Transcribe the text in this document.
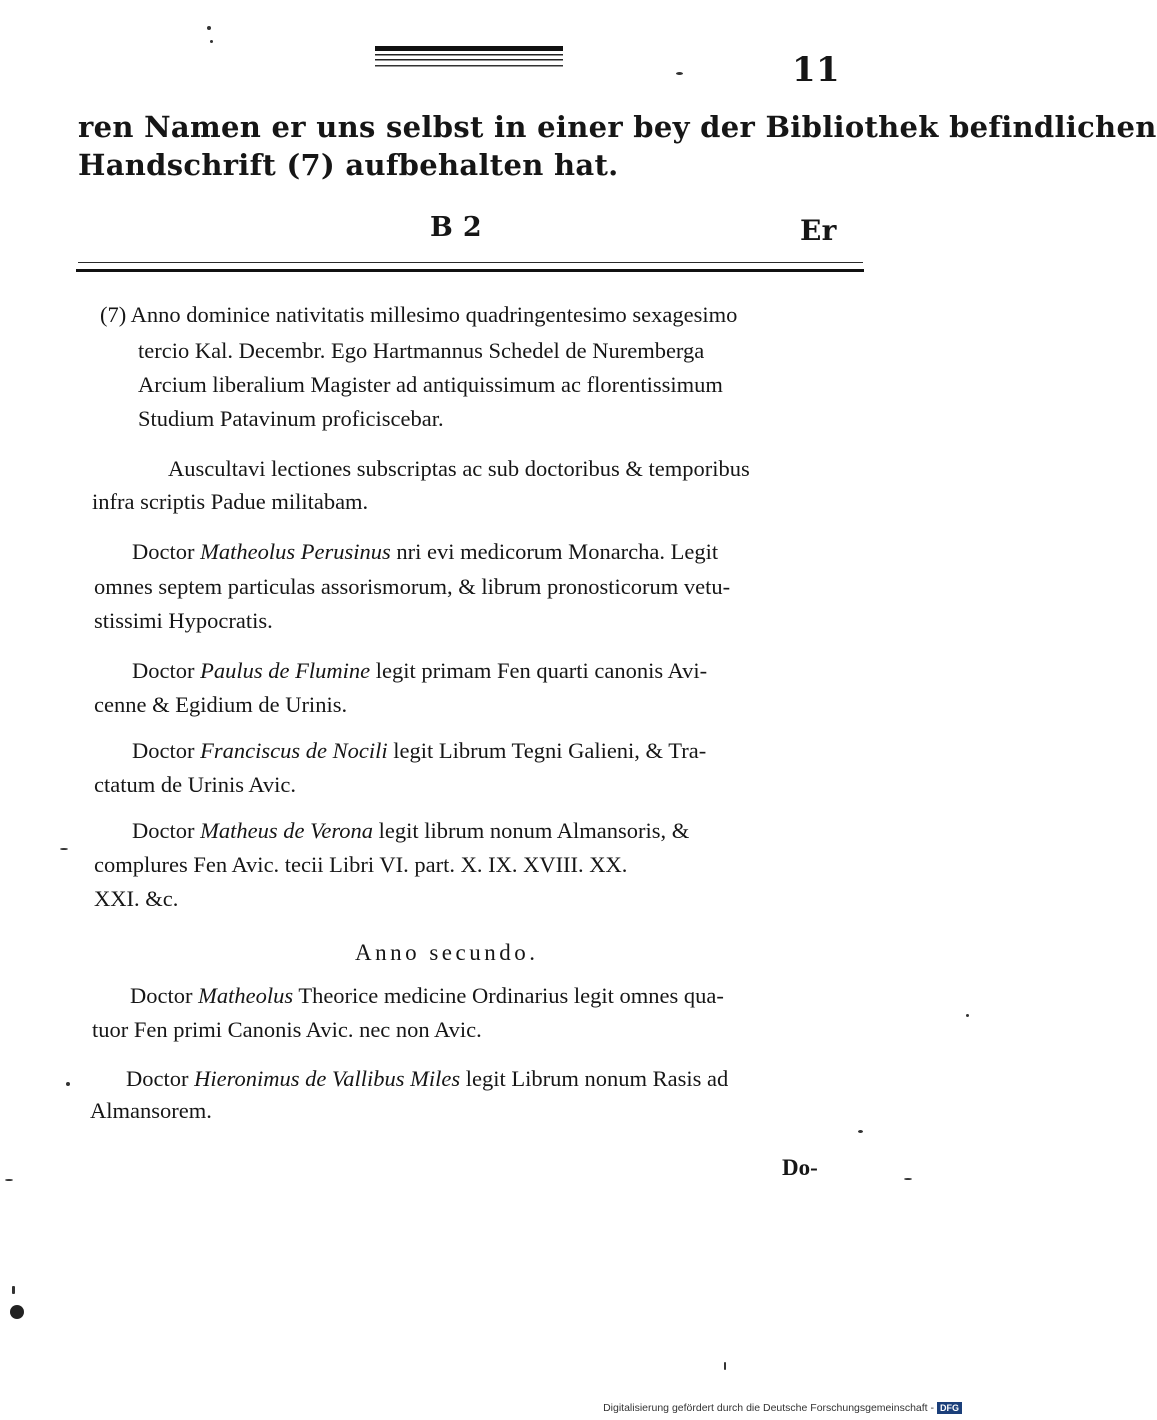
11
ren Namen er uns selbst in einer bey der Bibliothek befindlichen
Handschrift (7) aufbehalten hat.
B 2	Er
(7) Anno dominice nativitatis millesimo quadringentesimo sexagesimo
tercio Kal. Decembr. Ego Hartmannus Schedel de Nuremberga
Arcium liberalium Magister ad antiquissimum ac florentissimum
Studium Patavinum proficiscebar.
Auscultavi lectiones subscriptas ac sub doctoribus & temporibus
infra scriptis Padue militabam.
Doctor Matheolus Perusinus nri evi medicorum Monarcha. Legit
omnes septem particulas assorismorum, & librum pronosticorum vetu-
stissimi Hypocratis.
Doctor Paulus de Flumine legit primam Fen quarti canonis Avi-
cenne & Egidium de Urinis.
Doctor Franciscus de Nocili legit Librum Tegni Galieni, & Tra-
ctatum de Urinis Avic.
Doctor Matheus de Verona legit librum nonum Almansoris, &
complures Fen Avic. tecii Libri VI. part. X. IX. XVIII. XX.
XXI. &c.
Anno secundo.
Doctor Matheolus Theorice medicine Ordinarius legit omnes qua-
tuor Fen primi Canonis Avic. nec non Avic.
Doctor Hieronimus de Vallibus Miles legit Librum nonum Rasis ad
Almansorem.
Do-
Digitalisierung gefördert durch die Deutsche Forschungsgemeinschaft - DFG
